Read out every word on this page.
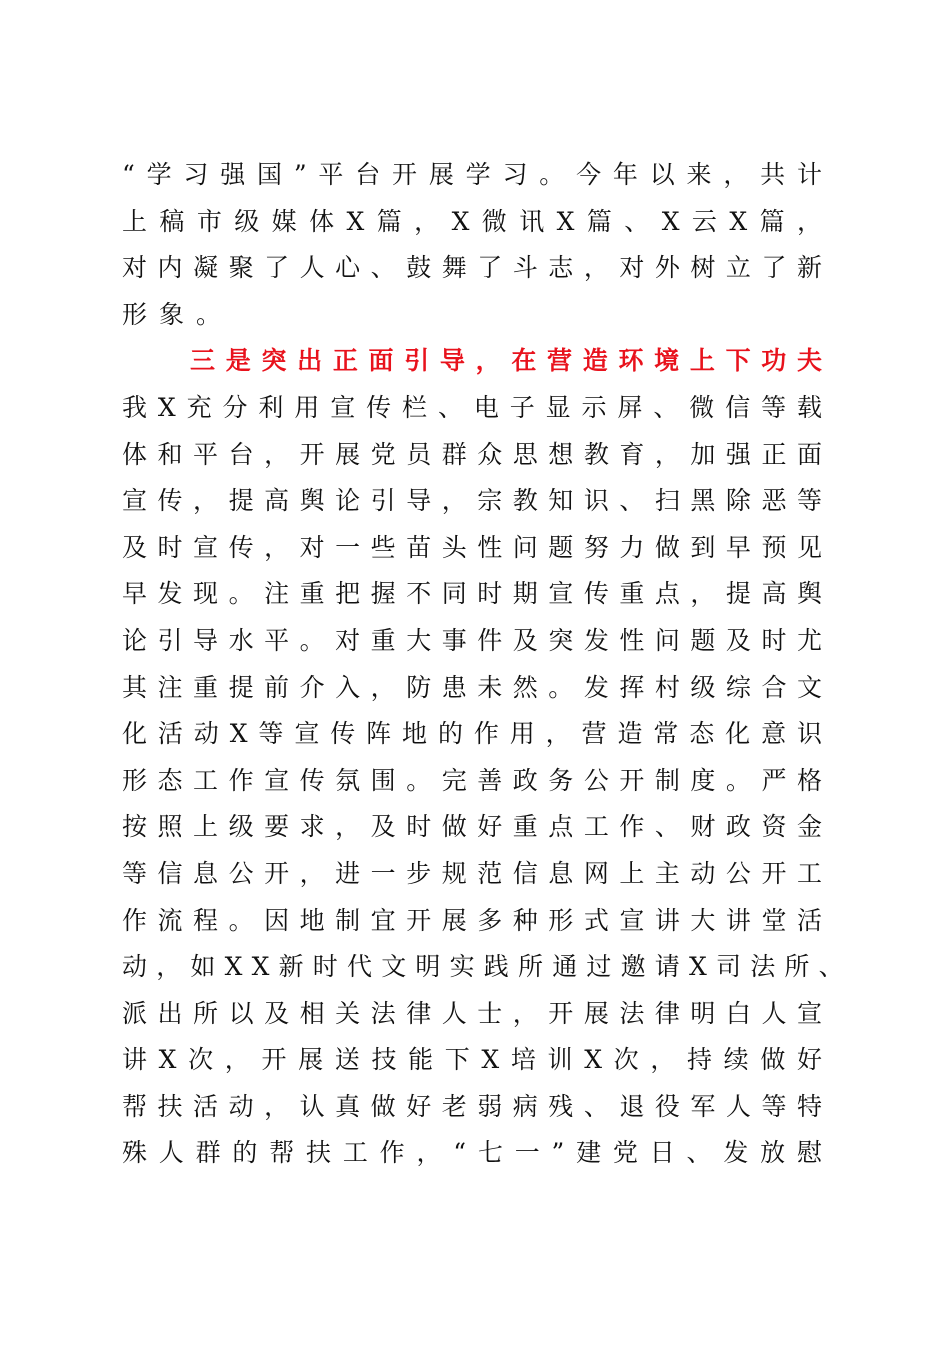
“学习强国”平台开展学习。今年以来，共计
上稿市级媒体X篇，X微讯X篇、X云X篇，
对内凝聚了人心、鼓舞了斗志，对外树立了新
形象。
三是突出正面引导，在营造环境上下功夫
我X充分利用宣传栏、电子显示屏、微信等载
体和平台，开展党员群众思想教育，加强正面
宣传，提高舆论引导，宗教知识、扫黑除恶等
及时宣传，对一些苗头性问题努力做到早预见
早发现。注重把握不同时期宣传重点，提高舆
论引导水平。对重大事件及突发性问题及时尤
其注重提前介入，防患未然。发挥村级综合文
化活动X等宣传阵地的作用，营造常态化意识
形态工作宣传氛围。完善政务公开制度。严格
按照上级要求，及时做好重点工作、财政资金
等信息公开，进一步规范信息网上主动公开工
作流程。因地制宜开展多种形式宣讲大讲堂活
动，如XX新时代文明实践所通过邀请X司法所、
派出所以及相关法律人士，开展法律明白人宣
讲X次，开展送技能下X培训X次，持续做好
帮扶活动，认真做好老弱病残、退役军人等特
殊人群的帮扶工作，“七一”建党日、发放慰
